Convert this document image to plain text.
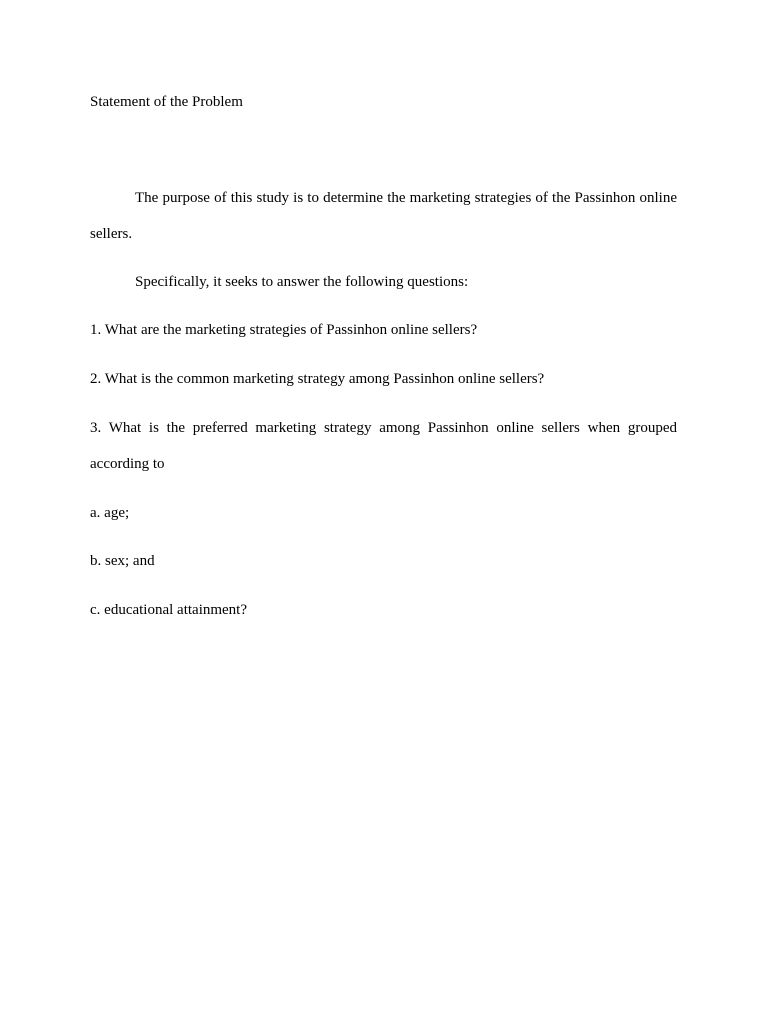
Statement of the Problem

The purpose of this study is to determine the marketing strategies of the Passinhon online sellers.

Specifically, it seeks to answer the following questions:

1. What are the marketing strategies of Passinhon online sellers?

2. What is the common marketing strategy among Passinhon online sellers?

3. What is the preferred marketing strategy among Passinhon online sellers when grouped according to

a. age;

b. sex; and

c. educational attainment?
